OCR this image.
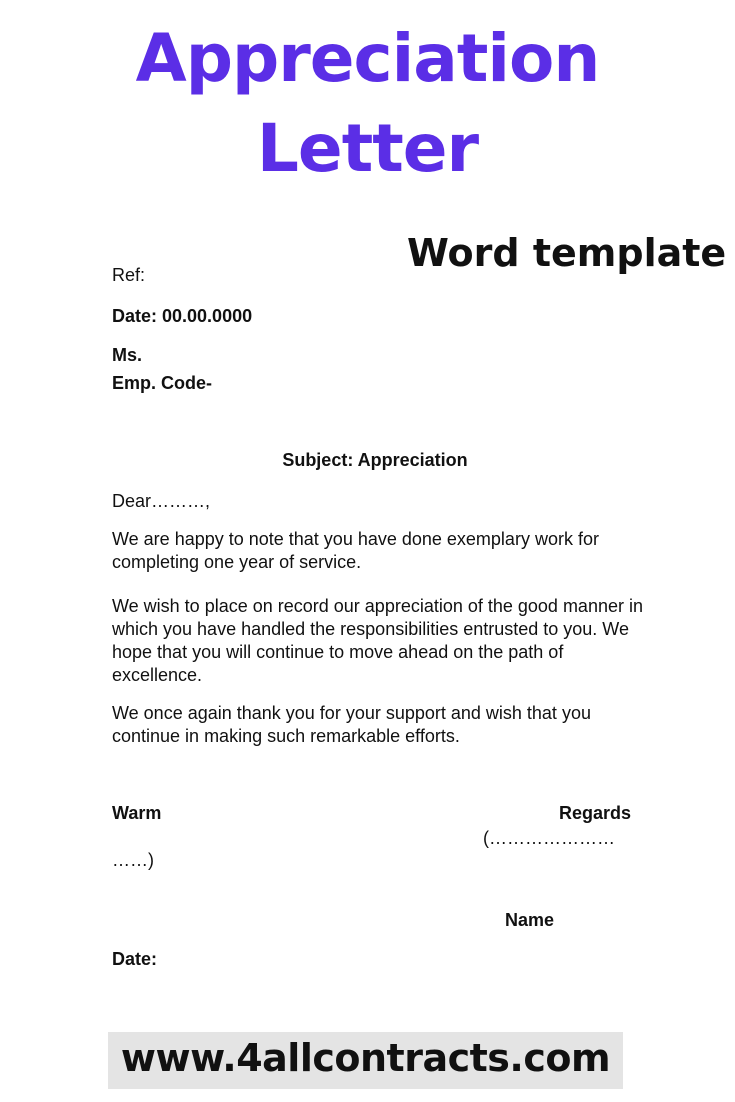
Appreciation
Letter
Word template
Ref:
Date: 00.00.0000
Ms.
Emp. Code-
Subject: Appreciation
Dear………,

We are happy to note that you have done exemplary work for completing one year of service.

We wish to place on record our appreciation of the good manner in which you have handled the responsibilities entrusted to you. We hope that you will continue to move ahead on the path of excellence.

We once again thank you for your support and wish that you continue in making such remarkable efforts.

Warm	Regards
(…………………
……)
Name
Date:
www.4allcontracts.com
